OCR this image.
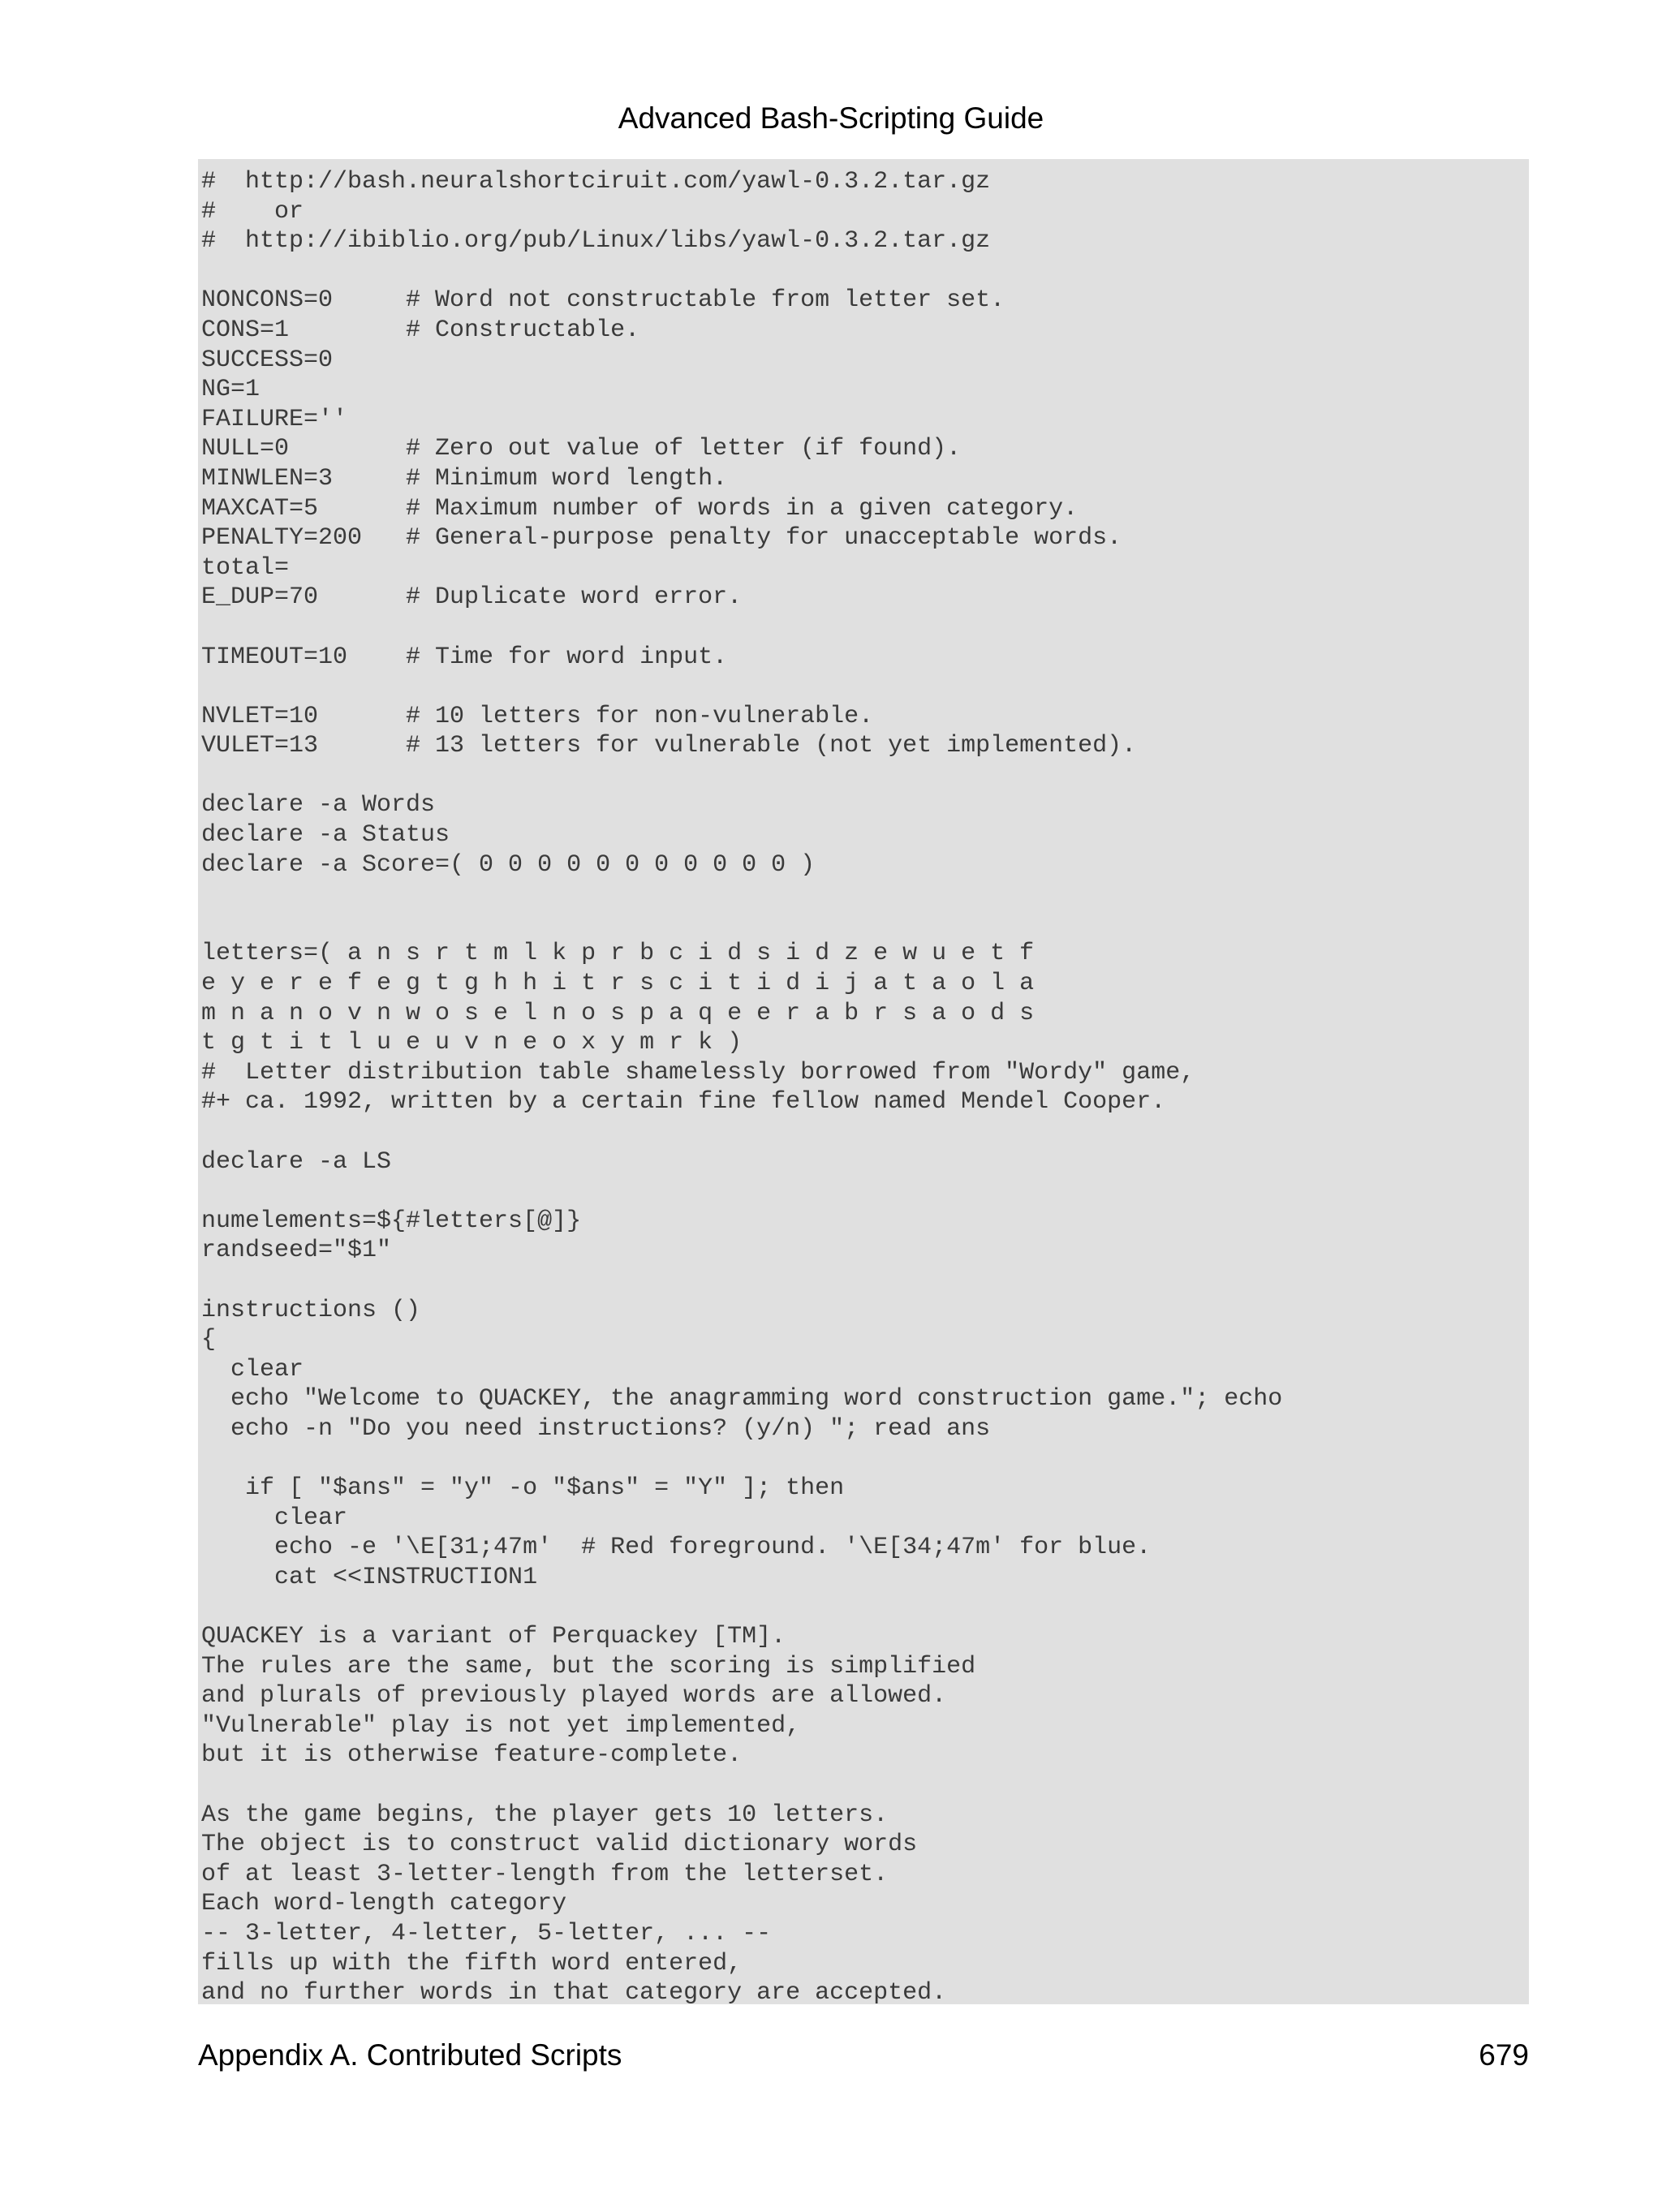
Advanced Bash-Scripting Guide
#  http://bash.neuralshortciruit.com/yawl-0.3.2.tar.gz
#    or
#  http://ibiblio.org/pub/Linux/libs/yawl-0.3.2.tar.gz
NONCONS=0     # Word not constructable from letter set.
CONS=1        # Constructable.
SUCCESS=0
NG=1
FAILURE=''
NULL=0        # Zero out value of letter (if found).
MINWLEN=3     # Minimum word length.
MAXCAT=5      # Maximum number of words in a given category.
PENALTY=200   # General-purpose penalty for unacceptable words.
total=
E_DUP=70      # Duplicate word error.
TIMEOUT=10    # Time for word input.
NVLET=10      # 10 letters for non-vulnerable.
VULET=13      # 13 letters for vulnerable (not yet implemented).
declare -a Words
declare -a Status
declare -a Score=( 0 0 0 0 0 0 0 0 0 0 0 )
letters=( a n s r t m l k p r b c i d s i d z e w u e t f
e y e r e f e g t g h h i t r s c i t i d i j a t a o l a
m n a n o v n w o s e l n o s p a q e e r a b r s a o d s
t g t i t l u e u v n e o x y m r k )
#  Letter distribution table shamelessly borrowed from "Wordy" game,
#+ ca. 1992, written by a certain fine fellow named Mendel Cooper.
declare -a LS
numelements=${#letters[@]}
randseed="$1"
instructions ()
{
clear
echo "Welcome to QUACKEY, the anagramming word construction game."; echo
echo -n "Do you need instructions? (y/n) "; read ans
if [ "$ans" = "y" -o "$ans" = "Y" ]; then
clear
echo -e '\E[31;47m'  # Red foreground. '\E[34;47m' for blue.
cat <<INSTRUCTION1
QUACKEY is a variant of Perquackey [TM].
The rules are the same, but the scoring is simplified
and plurals of previously played words are allowed.
"Vulnerable" play is not yet implemented,
but it is otherwise feature-complete.
As the game begins, the player gets 10 letters.
The object is to construct valid dictionary words
of at least 3-letter-length from the letterset.
Each word-length category
-- 3-letter, 4-letter, 5-letter, ... --
fills up with the fifth word entered,
and no further words in that category are accepted.
Appendix A. Contributed Scripts	679
